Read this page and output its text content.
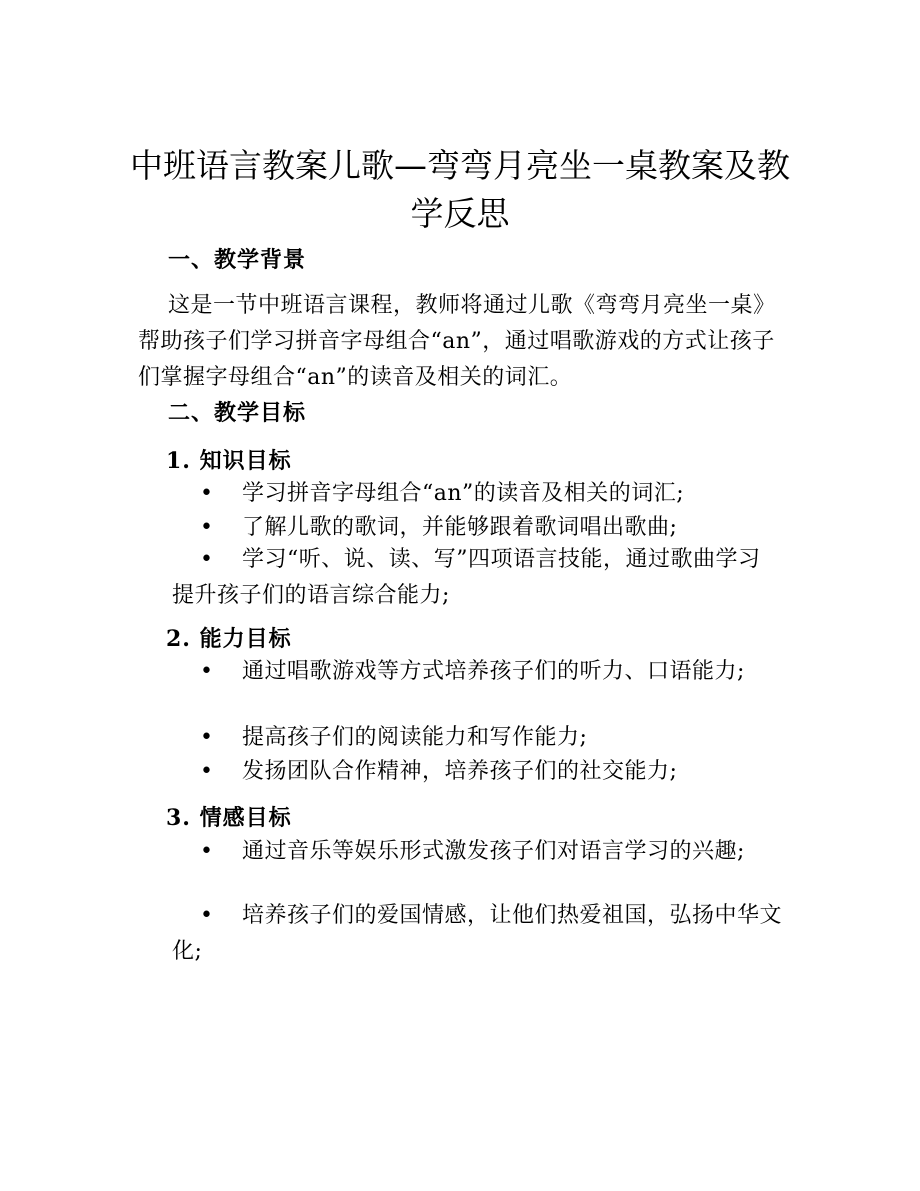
中班语言教案儿歌—弯弯月亮坐一桌教案及教学反思
一、教学背景

这是一节中班语言课程，教师将通过儿歌《弯弯月亮坐一桌》帮助孩子们学习拼音字母组合“an”，通过唱歌游戏的方式让孩子们掌握字母组合“an”的读音及相关的词汇。

二、教学目标
1. 知识目标

• 学习拼音字母组合“an”的读音及相关的词汇;

• 了解儿歌的歌词，并能够跟着歌词唱出歌曲;

• 学习“听、说、读、写”四项语言技能，通过歌曲学习提升孩子们的语言综合能力;

2. 能力目标

• 通过唱歌游戏等方式培养孩子们的听力、口语能力;

• 提高孩子们的阅读能力和写作能力;

• 发扬团队合作精神，培养孩子们的社交能力;

3. 情感目标

• 通过音乐等娱乐形式激发孩子们对语言学习的兴趣;

• 培养孩子们的爱国情感，让他们热爱祖国，弘扬中华文化;
